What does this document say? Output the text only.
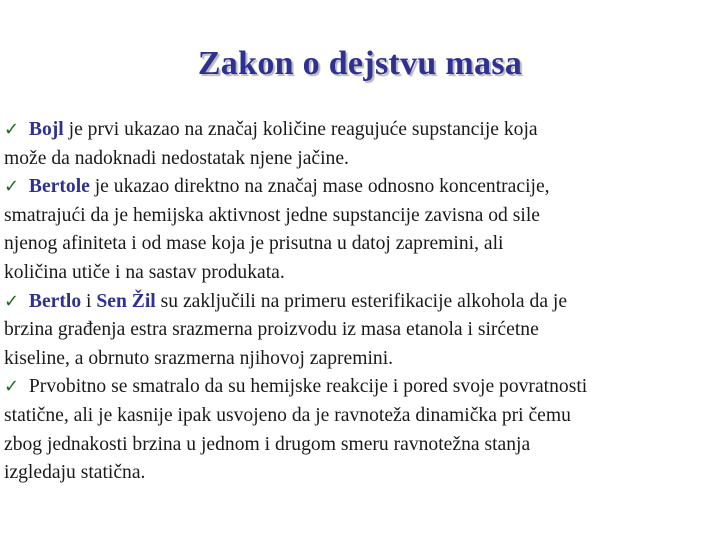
Zakon o dejstvu masa
✓ Bojl je prvi ukazao na značaj količine reagujuće supstancije koja
može da nadoknadi nedostatak njene jačine.
✓ Bertole je ukazao direktno na značaj mase odnosno koncentracije,
smatrajući da je hemijska aktivnost jedne supstancije zavisna od sile
njenog afiniteta i od mase koja je prisutna u datoj zapremini, ali
količina utiče i na sastav produkata.
✓ Bertlo i Sen Žil su zaključili na primeru esterifikacije alkohola da je
brzina građenja estra srazmerna proizvodu iz masa etanola i sirćetne
kiseline, a obrnuto srazmerna njihovoj zapremini.
✓ Prvobitno se smatralo da su hemijske reakcije i pored svoje povratnosti
statične, ali je kasnije ipak usvojeno da je ravnoteža dinamička pri čemu
zbog jednakosti brzina u jednom i drugom smeru ravnotežna stanja
izgledaju statična.
